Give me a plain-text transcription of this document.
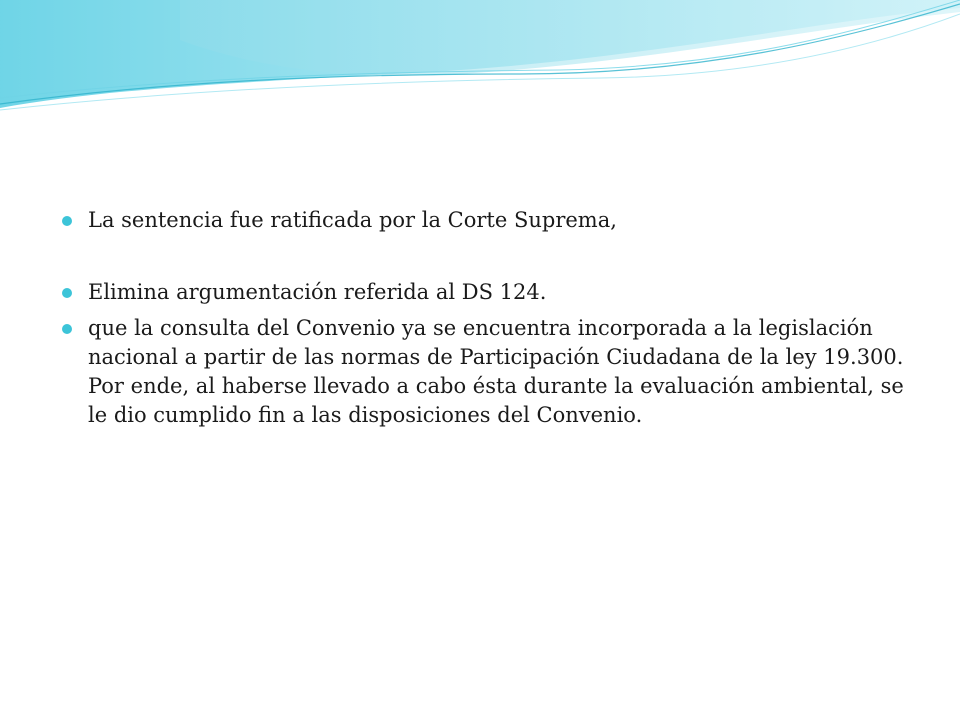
La sentencia fue ratificada por la Corte Suprema,
Elimina argumentación referida al DS 124.
que la consulta del Convenio ya se encuentra incorporada a la legislación nacional a partir de las normas de Participación Ciudadana de la ley 19.300. Por ende, al haberse llevado a cabo ésta durante la evaluación ambiental, se le dio cumplido fin a las disposiciones del Convenio.
